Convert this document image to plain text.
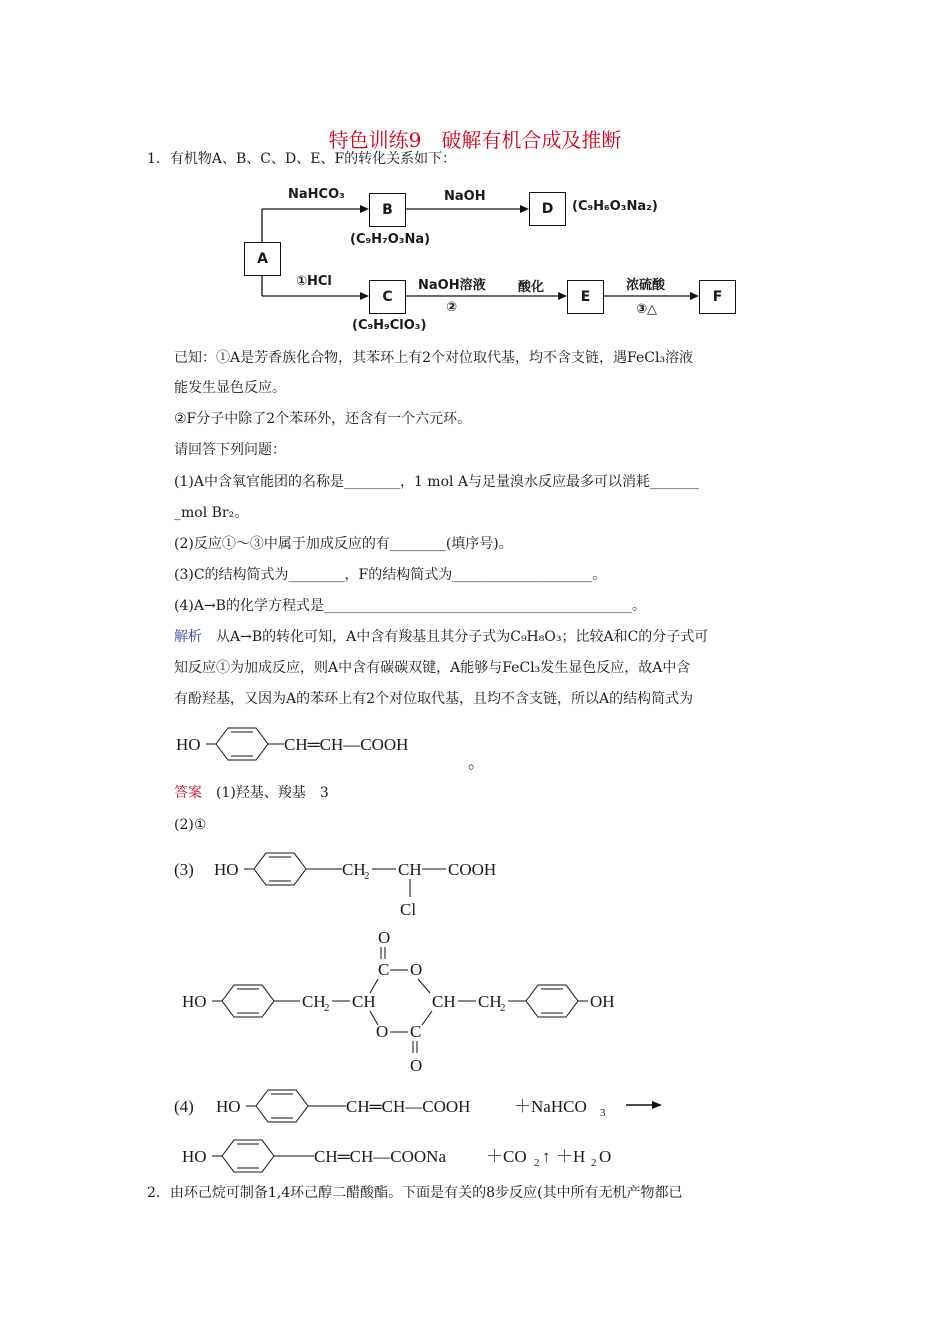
特色训练9　破解有机合成及推断
1．有机物A、B、C、D、E、F的转化关系如下：
A
B	D
C	E	F
NaHCO₃	NaOH
(C₉H₆O₃Na₂)
(C₉H₇O₃Na)
①HCl	NaOH溶液
②
酸化	浓硫酸
③△
(C₉H₉ClO₃)
已知：①A是芳香族化合物，其苯环上有2个对位取代基，均不含支链，遇FeCl₃溶液
能发生显色反应。
②F分子中除了2个苯环外，还含有一个六元环。
请回答下列问题：
(1)A中含氧官能团的名称是________，1 mol A与足量溴水反应最多可以消耗_______
_mol Br₂。
(2)反应①～③中属于加成反应的有________(填序号)。
(3)C的结构简式为________，F的结构简式为____________________。
(4)A→B的化学方程式是____________________________________________。
解析　从A→B的转化可知，A中含有羧基且其分子式为C₉H₈O₃；比较A和C的分子式可
知反应①为加成反应，则A中含有碳碳双键，A能够与FeCl₃发生显色反应，故A中含
有酚羟基，又因为A的苯环上有2个对位取代基，且均不含支链，所以A的结构简式为
HO	CH═CH—COOH
。
答案　(1)羟基、羧基　3
(2)①
(3) HO	CH
2 CH COOH
Cl
O
C O
HO	CH
2 CH	CH CH
2	OH
O C
O
(4) HO	CH═CH—COOH	＋NaHCO 3
HO	CH═CH—COONa ＋CO 2 ↑ ＋H 2 O
2．由环己烷可制备1,4环己醇二醋酸酯。下面是有关的8步反应(其中所有无机产物都已
